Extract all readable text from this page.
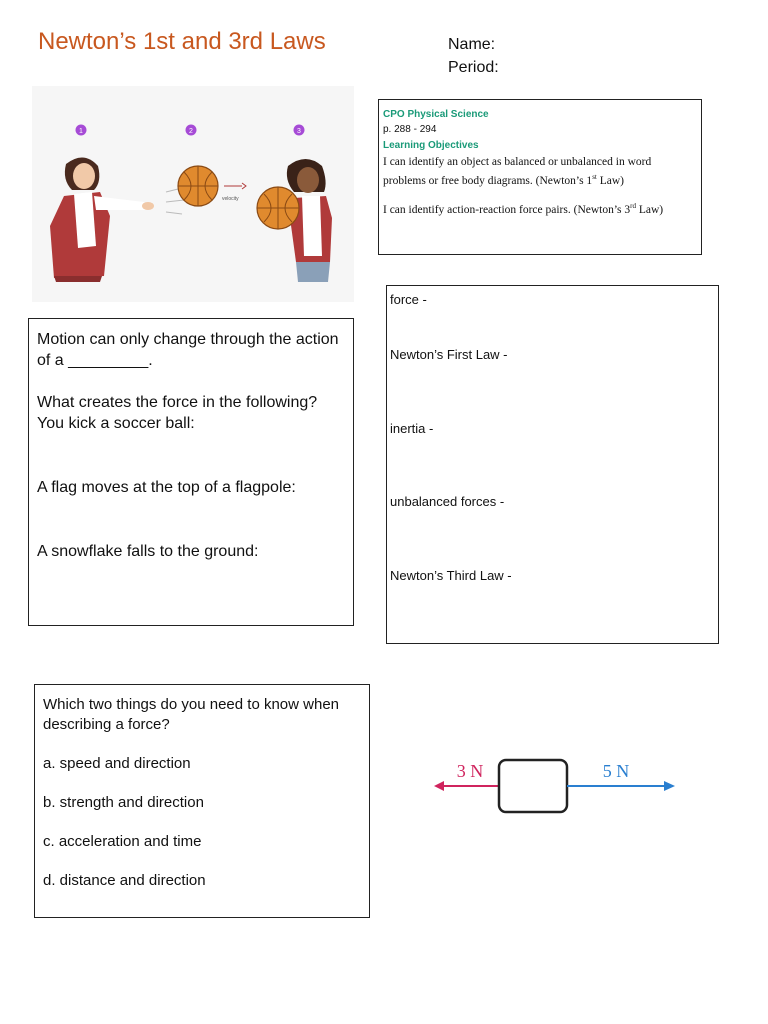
Newton’s 1st and 3rd Laws	Name:
Period:
1	2	3
velocity

CPO Physical Science

p. 288 - 294

Learning Objectives

I can identify an object as balanced or unbalanced in word problems or free body diagrams. (Newton’s 1st Law)

I can identify action-reaction force pairs. (Newton’s 3rd Law)

Motion can only change through the action of a _________.

What creates the force in the following?

You kick a soccer ball:

A flag moves at the top of a flagpole:

A snowflake falls to the ground:

force -
Newton’s First Law -
inertia -
unbalanced forces -
Newton’s Third Law -

Which two things do you need to know when describing a force?

a. speed and direction

b. strength and direction

c. acceleration and time

d. distance and direction

3 N	5 N
